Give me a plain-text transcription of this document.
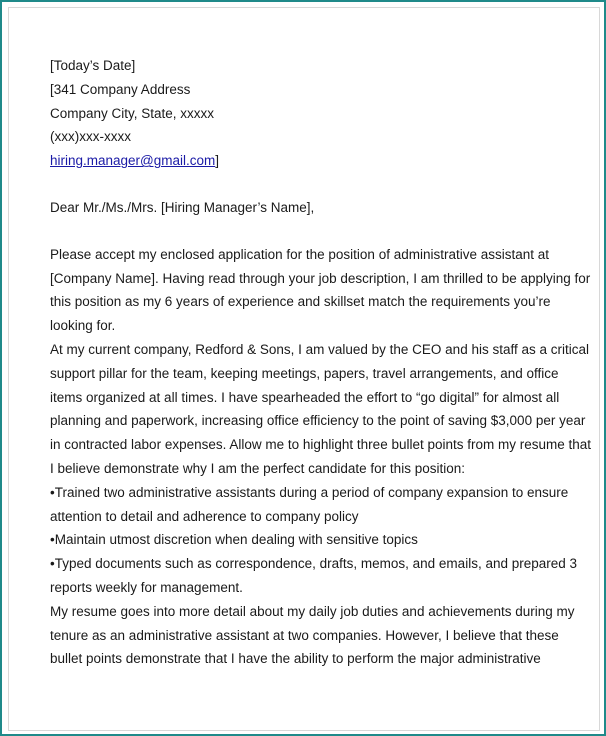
[Today’s Date]
[341 Company Address
Company City, State, xxxxx
(xxx)xxx-xxxx
hiring.manager@gmail.com]
Dear Mr./Ms./Mrs. [Hiring Manager’s Name],
Please accept my enclosed application for the position of administrative assistant at
[Company Name]. Having read through your job description, I am thrilled to be applying for
this position as my 6 years of experience and skillset match the requirements you’re
looking for.
At my current company, Redford & Sons, I am valued by the CEO and his staff as a critical
support pillar for the team, keeping meetings, papers, travel arrangements, and office
items organized at all times. I have spearheaded the effort to “go digital” for almost all
planning and paperwork, increasing office efficiency to the point of saving $3,000 per year
in contracted labor expenses. Allow me to highlight three bullet points from my resume that
I believe demonstrate why I am the perfect candidate for this position:
•Trained two administrative assistants during a period of company expansion to ensure
attention to detail and adherence to company policy
•Maintain utmost discretion when dealing with sensitive topics
•Typed documents such as correspondence, drafts, memos, and emails, and prepared 3
reports weekly for management.
My resume goes into more detail about my daily job duties and achievements during my
tenure as an administrative assistant at two companies. However, I believe that these
bullet points demonstrate that I have the ability to perform the major administrative
